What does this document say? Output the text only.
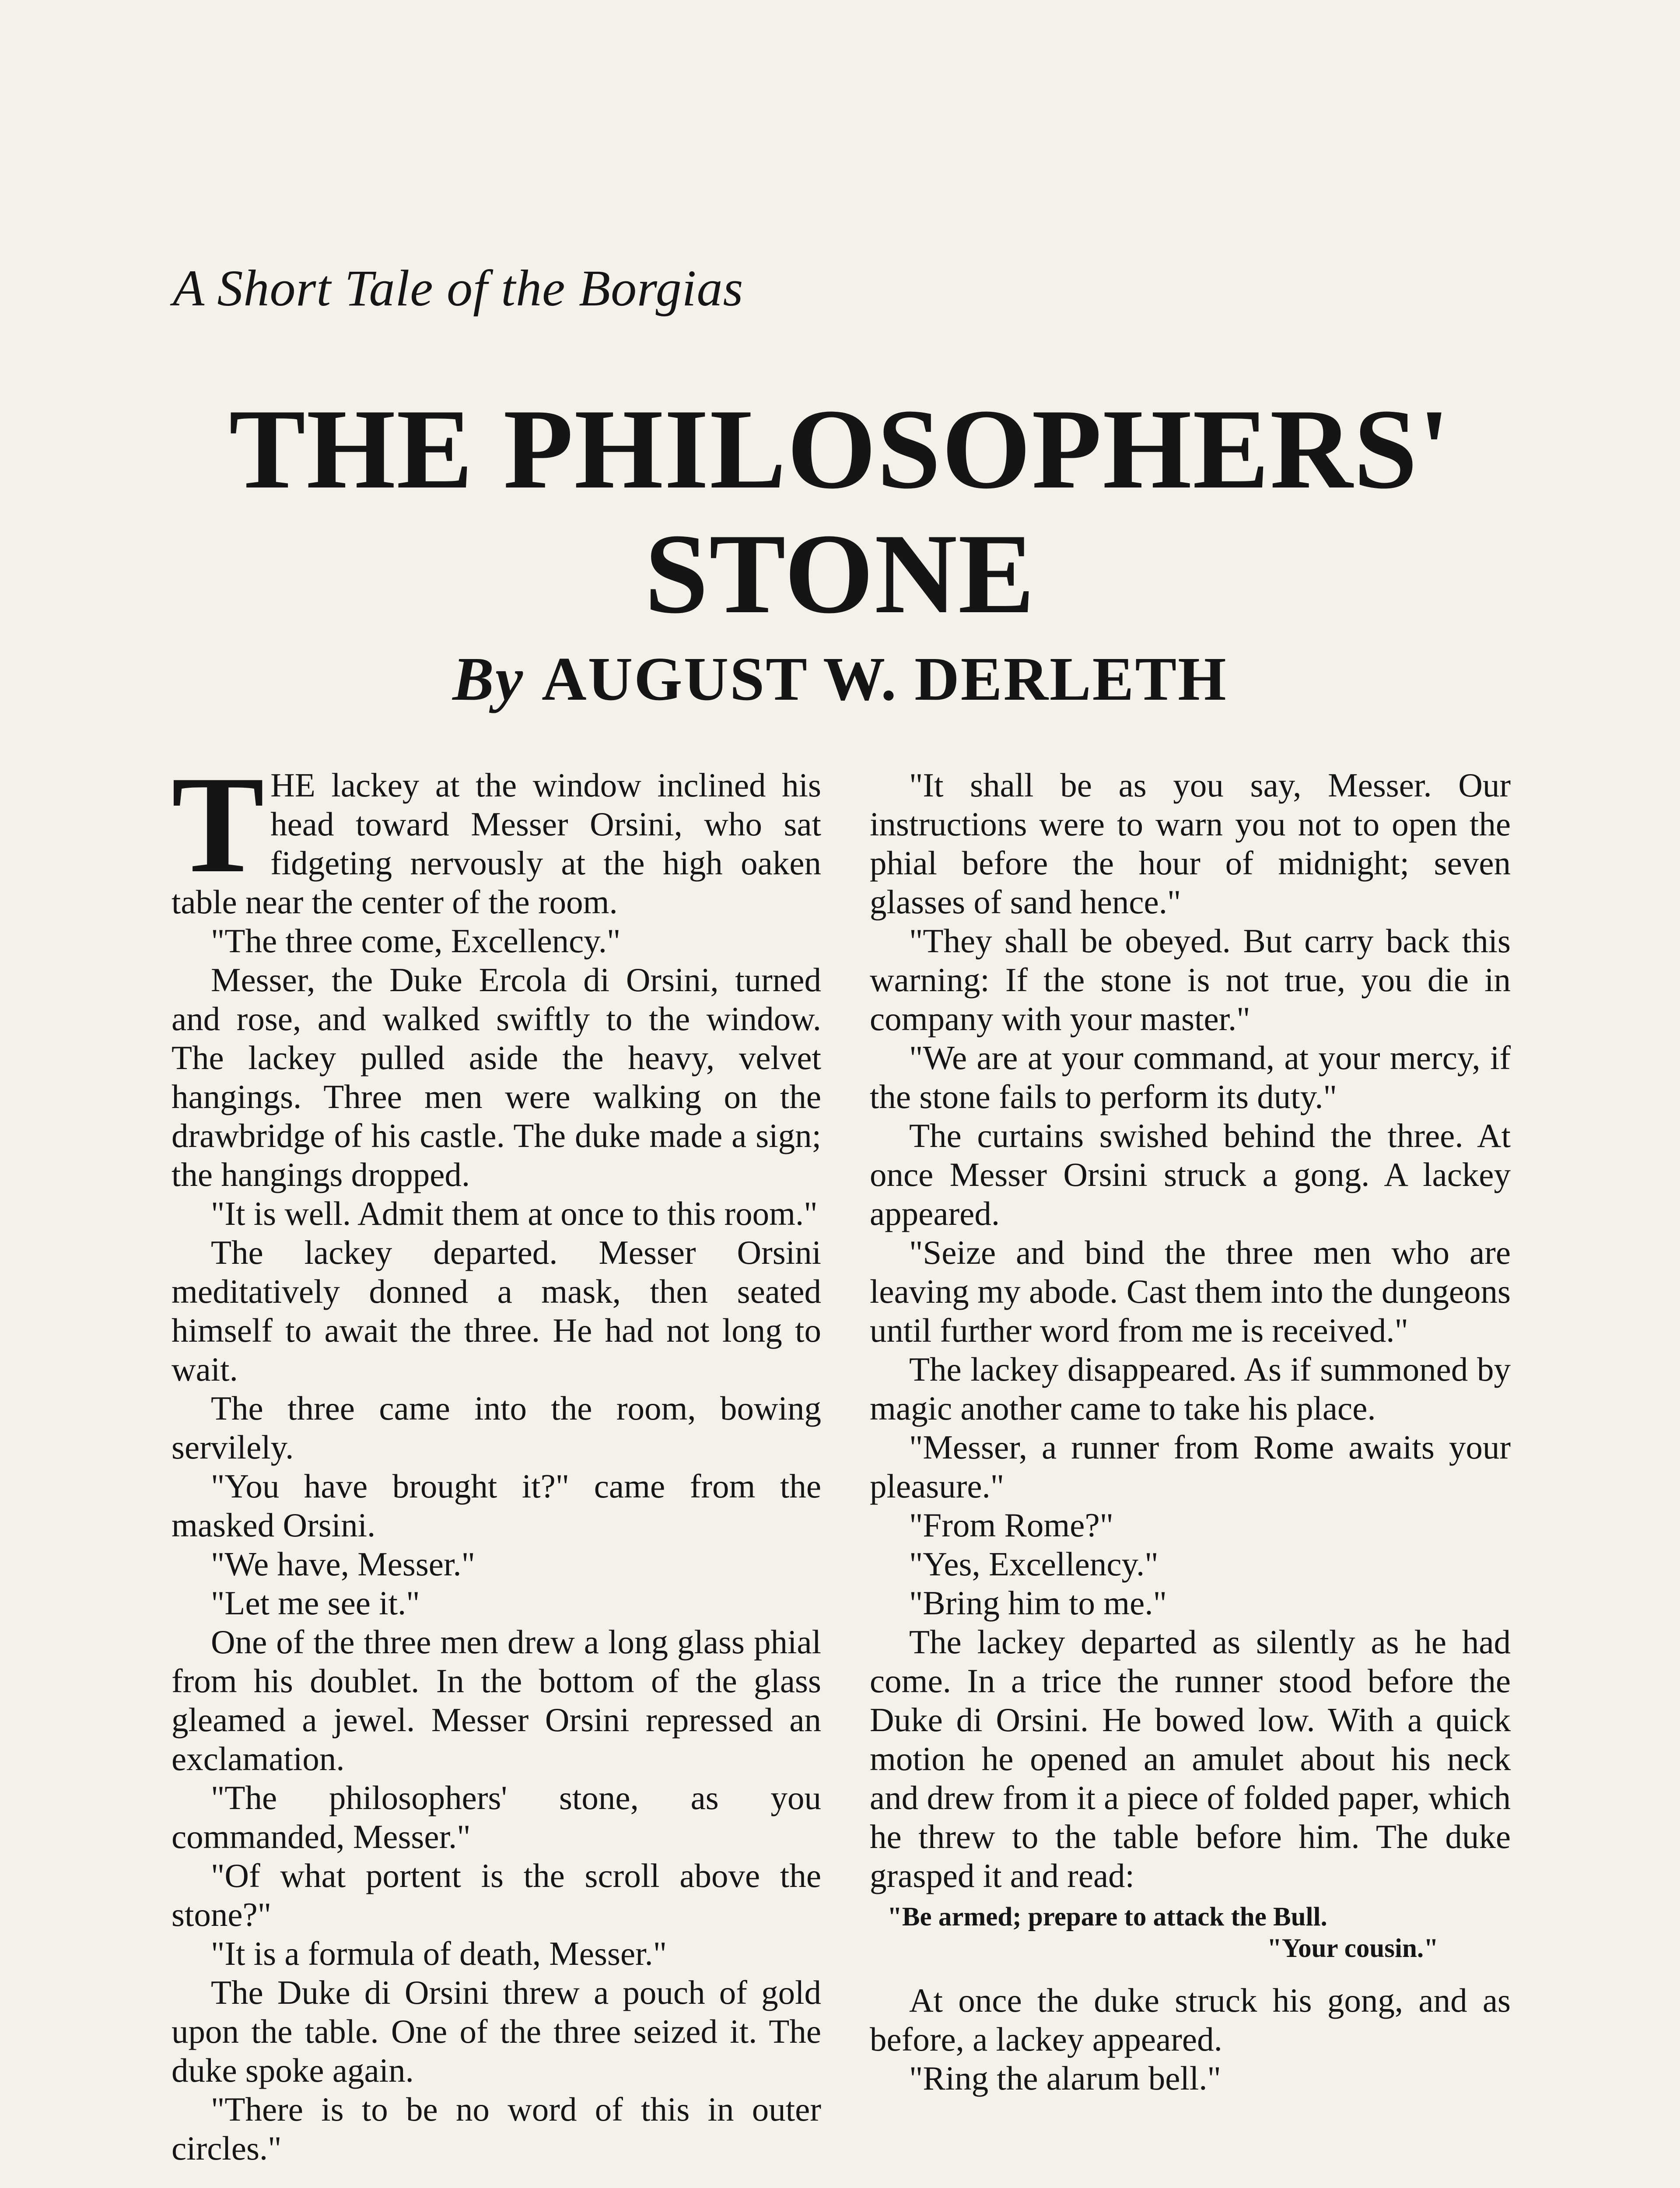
A Short Tale of the Borgias
THE PHILOSOPHERS'
STONE
By AUGUST W. DERLETH

THE lackey at the window inclined his head toward Messer Orsini, who sat fidgeting nervously at the high oaken table near the center of the room.

"The three come, Excellency."

Messer, the Duke Ercola di Orsini, turned and rose, and walked swiftly to the window. The lackey pulled aside the heavy, velvet hangings. Three men were walking on the drawbridge of his castle. The duke made a sign; the hangings dropped.

"It is well. Admit them at once to this room."

The lackey departed. Messer Orsini meditatively donned a mask, then seated himself to await the three. He had not long to wait.

The three came into the room, bowing servilely.

"You have brought it?" came from the masked Orsini.

"We have, Messer."

"Let me see it."

One of the three men drew a long glass phial from his doublet. In the bottom of the glass gleamed a jewel. Messer Orsini repressed an exclamation.

"The philosophers' stone, as you commanded, Messer."

"Of what portent is the scroll above the stone?"

"It is a formula of death, Messer."

The Duke di Orsini threw a pouch of gold upon the table. One of the three seized it. The duke spoke again.

"There is to be no word of this in outer circles."

"It shall be as you say, Messer. Our instructions were to warn you not to open the phial before the hour of midnight; seven glasses of sand hence."

"They shall be obeyed. But carry back this warning: If the stone is not true, you die in company with your master."

"We are at your command, at your mercy, if the stone fails to perform its duty."

The curtains swished behind the three. At once Messer Orsini struck a gong. A lackey appeared.

"Seize and bind the three men who are leaving my abode. Cast them into the dungeons until further word from me is received."

The lackey disappeared. As if summoned by magic another came to take his place.

"Messer, a runner from Rome awaits your pleasure."

"From Rome?"

"Yes, Excellency."

"Bring him to me."

The lackey departed as silently as he had come. In a trice the runner stood before the Duke di Orsini. He bowed low. With a quick motion he opened an amulet about his neck and drew from it a piece of folded paper, which he threw to the table before him. The duke grasped it and read:

"Be armed; prepare to attack the Bull.
"Your cousin."

At once the duke struck his gong, and as before, a lackey appeared.

"Ring the alarum bell."
